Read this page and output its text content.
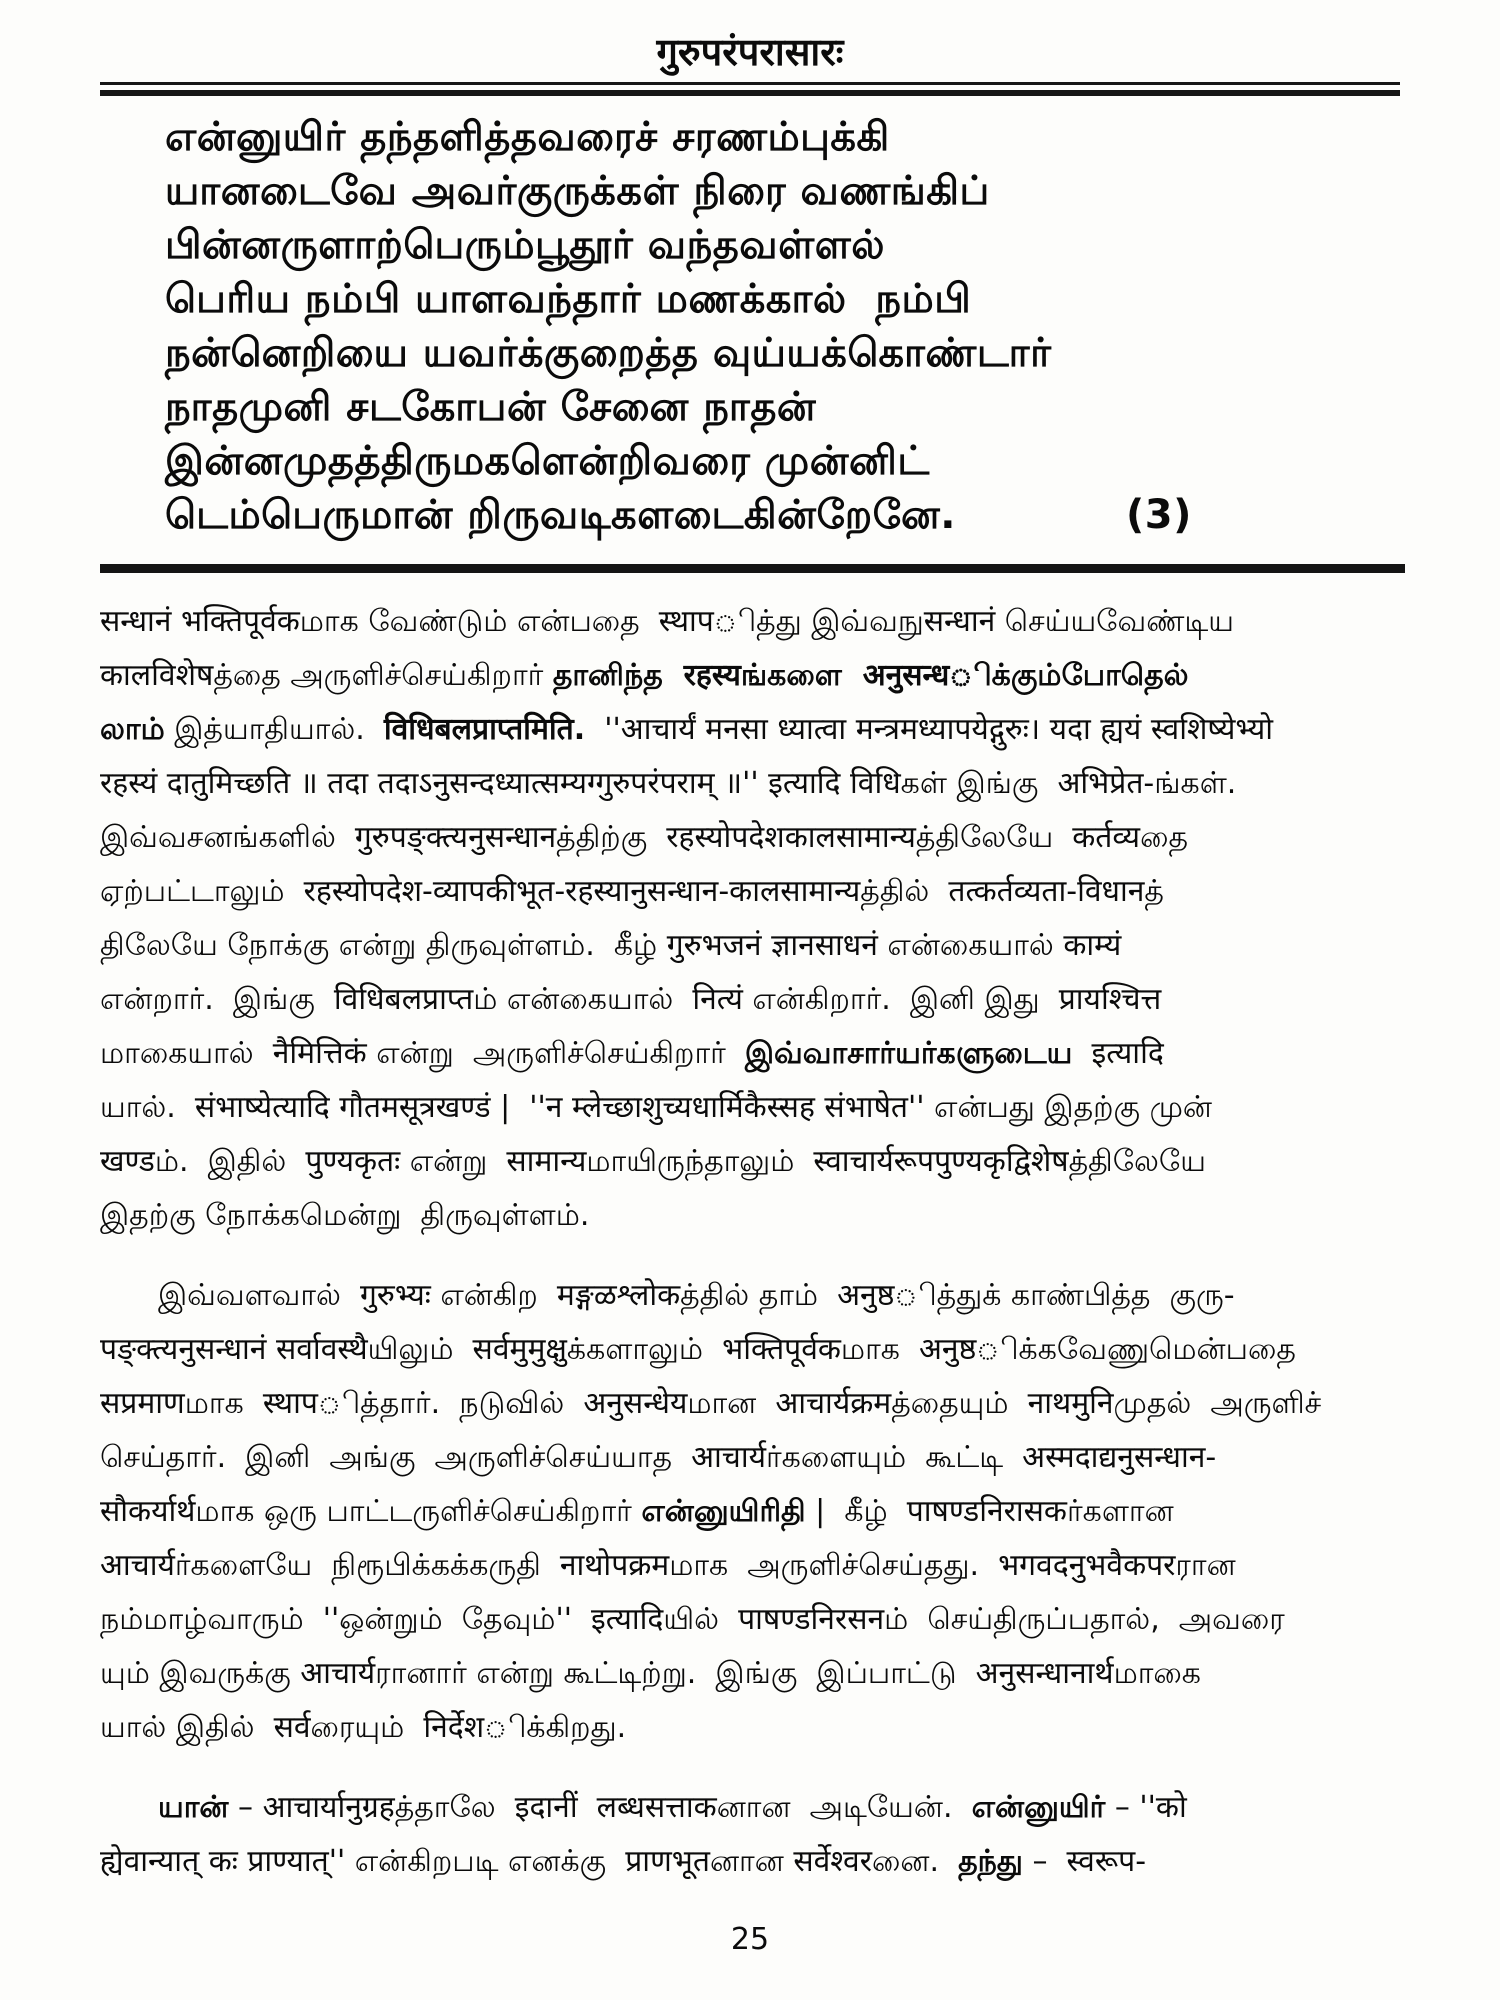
गुरुपरंपरासारः
என்னுயிர் தந்தளித்தவரைச் சரணம்புக்கி
யானடைவே அவர்குருக்கள் நிரை வணங்கிப்
பின்னருளாற்பெரும்பூதூர் வந்தவள்ளல்
பெரிய நம்பி யாளவந்தார் மணக்கால்  நம்பி
நன்னெறியை யவர்க்குறைத்த வுய்யக்கொண்டார்
நாதமுனி சடகோபன் சேனை நாதன்
இன்னமுதத்திருமகளென்றிவரை முன்னிட்
டெம்பெருமான் றிருவடிகளடைகின்றேனே.	(3)
सन्धानं भक्तिपूर्वकமாக வேண்டும் என்பதை  स्थापித்து இவ்வநுसन्धानं செய்யவேண்டிய
कालविशेषத்தை அருளிச்செய்கிறார் தானிந்த  रहस्यங்களை  अनुसन्धிக்கும்போதெல்
லாம் இத்யாதியால்.  विधिबलप्राप्तमिति.  ''आचार्यं मनसा ध्यात्वा मन्त्रमध्यापयेद्गुरुः। यदा ह्ययं स्वशिष्येभ्यो
रहस्यं दातुमिच्छति ॥ तदा तदाऽनुसन्दध्यात्सम्यग्गुरुपरंपराम् ॥'' इत्यादि विधिகள் இங்கு  अभिप्रेत-ங்கள்.
இவ்வசனங்களில்  गुरुपङ्क्त्यनुसन्धानத்திற்கு  रहस्योपदेशकालसामान्यத்திலேயே  कर्तव्यதை
ஏற்பட்டாலும்  रहस्योपदेश-व्यापकीभूत-रहस्यानुसन्धान-कालसामान्यத்தில்  तत्कर्तव्यता-विधानத்
திலேயே நோக்கு என்று திருவுள்ளம்.  கீழ் गुरुभजनं ज्ञानसाधनं என்கையால் काम्यं
என்றார்.  இங்கு  विधिबलप्राप्तம் என்கையால்  नित्यं என்கிறார்.  இனி இது  प्रायश्चित्त
மாகையால்  नैमित्तिकं என்று  அருளிச்செய்கிறார்  இவ்வாசார்யர்களுடைய  इत्यादि
யால்.  संभाष्येत्यादि गौतमसूत्रखण्डं |  ''न म्लेच्छाशुच्यधार्मिकैस्सह संभाषेत'' என்பது இதற்கு முன்
खण्डம்.  இதில்  पुण्यकृतः என்று  सामान्यமாயிருந்தாலும்  स्वाचार्यरूपपुण्यकृद्विशेषத்திலேயே
இதற்கு நோக்கமென்று  திருவுள்ளம்.
இவ்வளவால்  गुरुभ्यः என்கிற  मङ्गळश्लोकத்தில் தாம்  अनुष्ठித்துக் காண்பித்த  குரு-
पङ्क्त्यनुसन्धानं सर्वावस्थैயிலும்  सर्वमुमुक्षुக்களாலும்  भक्तिपूर्वकமாக  अनुष्ठிக்கவேணுமென்பதை
सप्रमाणமாக  स्थापித்தார்.  நடுவில்  अनुसन्धेयமான  आचार्यक्रमத்தையும்  नाथमुनिமுதல்  அருளிச்
செய்தார்.  இனி  அங்கு  அருளிச்செய்யாத  आचार्यர்களையும்  கூட்டி  अस्मदाद्यनुसन्धान-
सौकर्यार्थமாக ஒரு பாட்டருளிச்செய்கிறார் என்னுயிரிதி |  கீழ்  पाषण्डनिरासकர்களான
आचार्यர்களையே  நிரூபிக்கக்கருதி  नाथोपक्रमமாக  அருளிச்செய்தது.  भगवदनुभवैकपरரான
நம்மாழ்வாரும்  ''ஒன்றும்  தேவும்''  इत्यादिயில்  पाषण्डनिरसनம்  செய்திருப்பதால்,  அவரை
யும் இவருக்கு आचार्यரானார் என்று கூட்டிற்று.  இங்கு  இப்பாட்டு  अनुसन्धानार्थமாகை
யால் இதில்  सर्वரையும்  निर्देशிக்கிறது.
யான் – आचार्यानुग्रहத்தாலே  इदानीं  लब्धसत्ताकனான  அடியேன்.  என்னுயிர் – ''को
ह्येवान्यात् कः प्राण्यात्'' என்கிறபடி எனக்கு  प्राणभूतனான सर्वेश्वरனை.  தந்து –  स्वरूप-
25
